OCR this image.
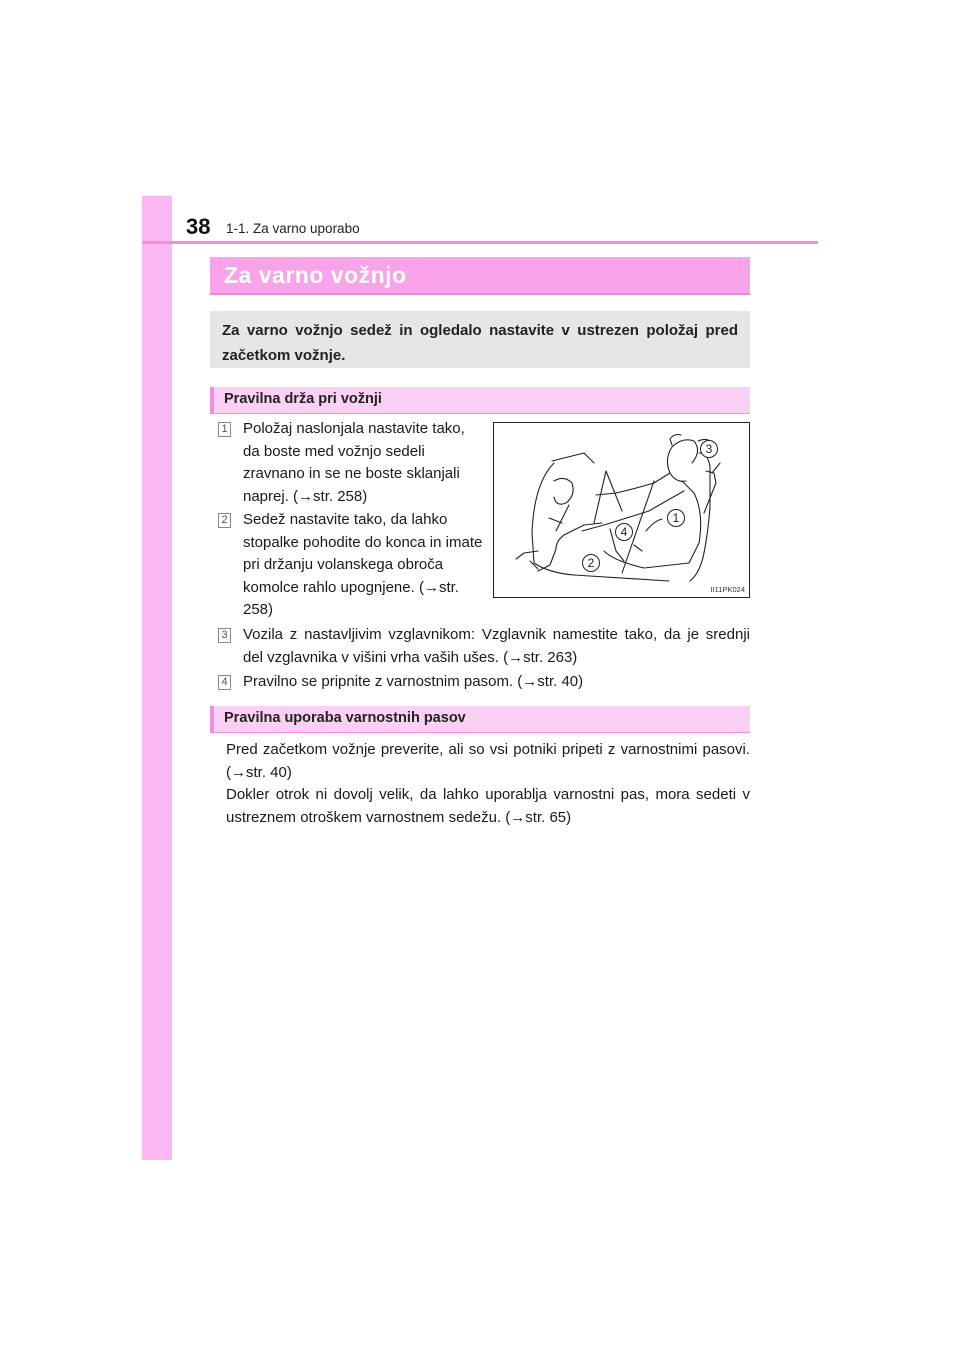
38 1-1. Za varno uporabo
Za varno vožnjo
Za varno vožnjo sedež in ogledalo nastavite v ustrezen položaj pred začetkom vožnje.
Pravilna drža pri vožnji
1 Položaj naslonjala nastavite tako, da boste med vožnjo sedeli zravnano in se ne boste sklanjali naprej. (→str. 258)
2 Sedež nastavite tako, da lahko stopalke pohodite do konca in imate pri držanju volanskega obroča komolce rahlo upognjene. (→str. 258)
3
1
4
2
II11PK024
3 Vozila z nastavljivim vzglavnikom: Vzglavnik namestite tako, da je srednji del vzglavnika v višini vrha vaših ušes. (→str. 263)
4 Pravilno se pripnite z varnostnim pasom. (→str. 40)
Pravilna uporaba varnostnih pasov
Pred začetkom vožnje preverite, ali so vsi potniki pripeti z varnostnimi pasovi. (→str. 40)
Dokler otrok ni dovolj velik, da lahko uporablja varnostni pas, mora sedeti v ustreznem otroškem varnostnem sedežu. (→str. 65)
